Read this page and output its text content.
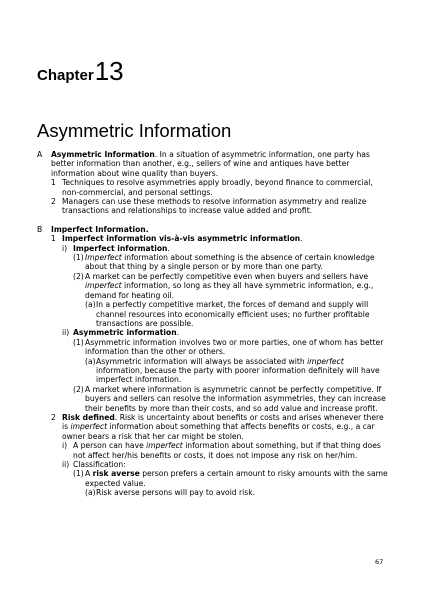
Chapter13
Asymmetric Information
A	Asymmetric Information. In a situation of asymmetric information, one party has better information than another, e.g., sellers of wine and antiques have better information about wine quality than buyers.
1 Techniques to resolve asymmetries apply broadly, beyond finance to commercial, non-commercial, and personal settings.
2 Managers can use these methods to resolve information asymmetry and realize transactions and relationships to increase value added and profit.
B	Imperfect Information.
1 Imperfect information vis-à-vis asymmetric information.
i) Imperfect information.
(1) Imperfect information about something is the absence of certain knowledge about that thing by a single person or by more than one party.
(2) A market can be perfectly competitive even when buyers and sellers have imperfect information, so long as they all have symmetric information, e.g., demand for heating oil.
(a) In a perfectly competitive market, the forces of demand and supply will channel resources into economically efficient uses; no further profitable transactions are possible.
ii) Asymmetric information.
(1) Asymmetric information involves two or more parties, one of whom has better information than the other or others.
(a) Asymmetric information will always be associated with imperfect information, because the party with poorer information definitely will have imperfect information.
(2) A market where information is asymmetric cannot be perfectly competitive. If buyers and sellers can resolve the information asymmetries, they can increase their benefits by more than their costs, and so add value and increase profit.
2 Risk defined. Risk is uncertainty about benefits or costs and arises whenever there is imperfect information about something that affects benefits or costs, e.g., a car owner bears a risk that her car might be stolen.
i) A person can have imperfect information about something, but if that thing does not affect her/his benefits or costs, it does not impose any risk on her/him.
ii) Classification:
(1) A risk averse person prefers a certain amount to risky amounts with the same expected value.
(a) Risk averse persons will pay to avoid risk.
67
